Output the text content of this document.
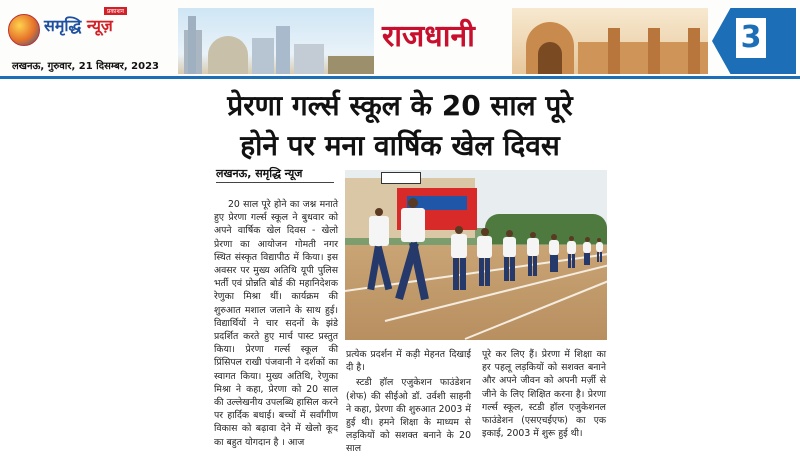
समृद्धि न्यूज़
प्रकाशन
लखनऊ, गुरुवार, 21 दिसम्बर, 2023
राजधानी	3
प्रेरणा गर्ल्स स्कूल के 20 साल पूरे
होने पर मना वार्षिक खेल दिवस
लखनऊ, समृद्धि न्यूज

20 साल पूरे होने का जश्न मनाते हुए प्रेरणा गर्ल्स स्कूल ने बुधवार को अपने वार्षिक खेल दिवस - खेलो प्रेरणा का आयोजन गोमती नगर स्थित संस्कृत विद्यापीठ में किया। इस अवसर पर मुख्य अतिथि यूपी पुलिस भर्ती एवं प्रोन्नति बोर्ड की महानिदेशक रेणुका मिश्रा थीं। कार्यक्रम की शुरुआत मशाल जलाने के साथ हुई। विद्यार्थियों ने चार सदनों के झंडे प्रदर्शित करते हुए मार्च पास्ट प्रस्तुत किया। प्रेरणा गर्ल्स स्कूल की प्रिंसिपल राखी पंजवानी ने दर्शकों का स्वागत किया। मुख्य अतिथि, रेणुका मिश्रा ने कहा, प्रेरणा को 20 साल की उल्लेखनीय उपलब्धि हासिल करने पर हार्दिक बधाई। बच्चों में सर्वांगीण विकास को बढ़ावा देने में खेलो कूद का बहुत योगदान है । आज

प्रत्येक प्रदर्शन में कड़ी मेहनत दिखाई दी है।

स्टडी हॉल एजुकेशन फाउंडेशन (शेफ) की सीईओ डॉ. उर्वशी साहनी ने कहा, प्रेरणा की शुरुआत 2003 में हुई थी। हमने शिक्षा के माध्यम से लड़कियों को सशक्त बनाने के 20 साल

पूरे कर लिए हैं। प्रेरणा में शिक्षा का हर पहलू लड़कियों को सशक्त बनाने और अपने जीवन को अपनी मर्ज़ी से जीने के लिए शिक्षित करना है। प्रेरणा गर्ल्स स्कूल, स्टडी हॉल एजुकेशनल फाउंडेशन (एसएचईएफ) का एक इकाई, 2003 में शुरू हुई थी।
